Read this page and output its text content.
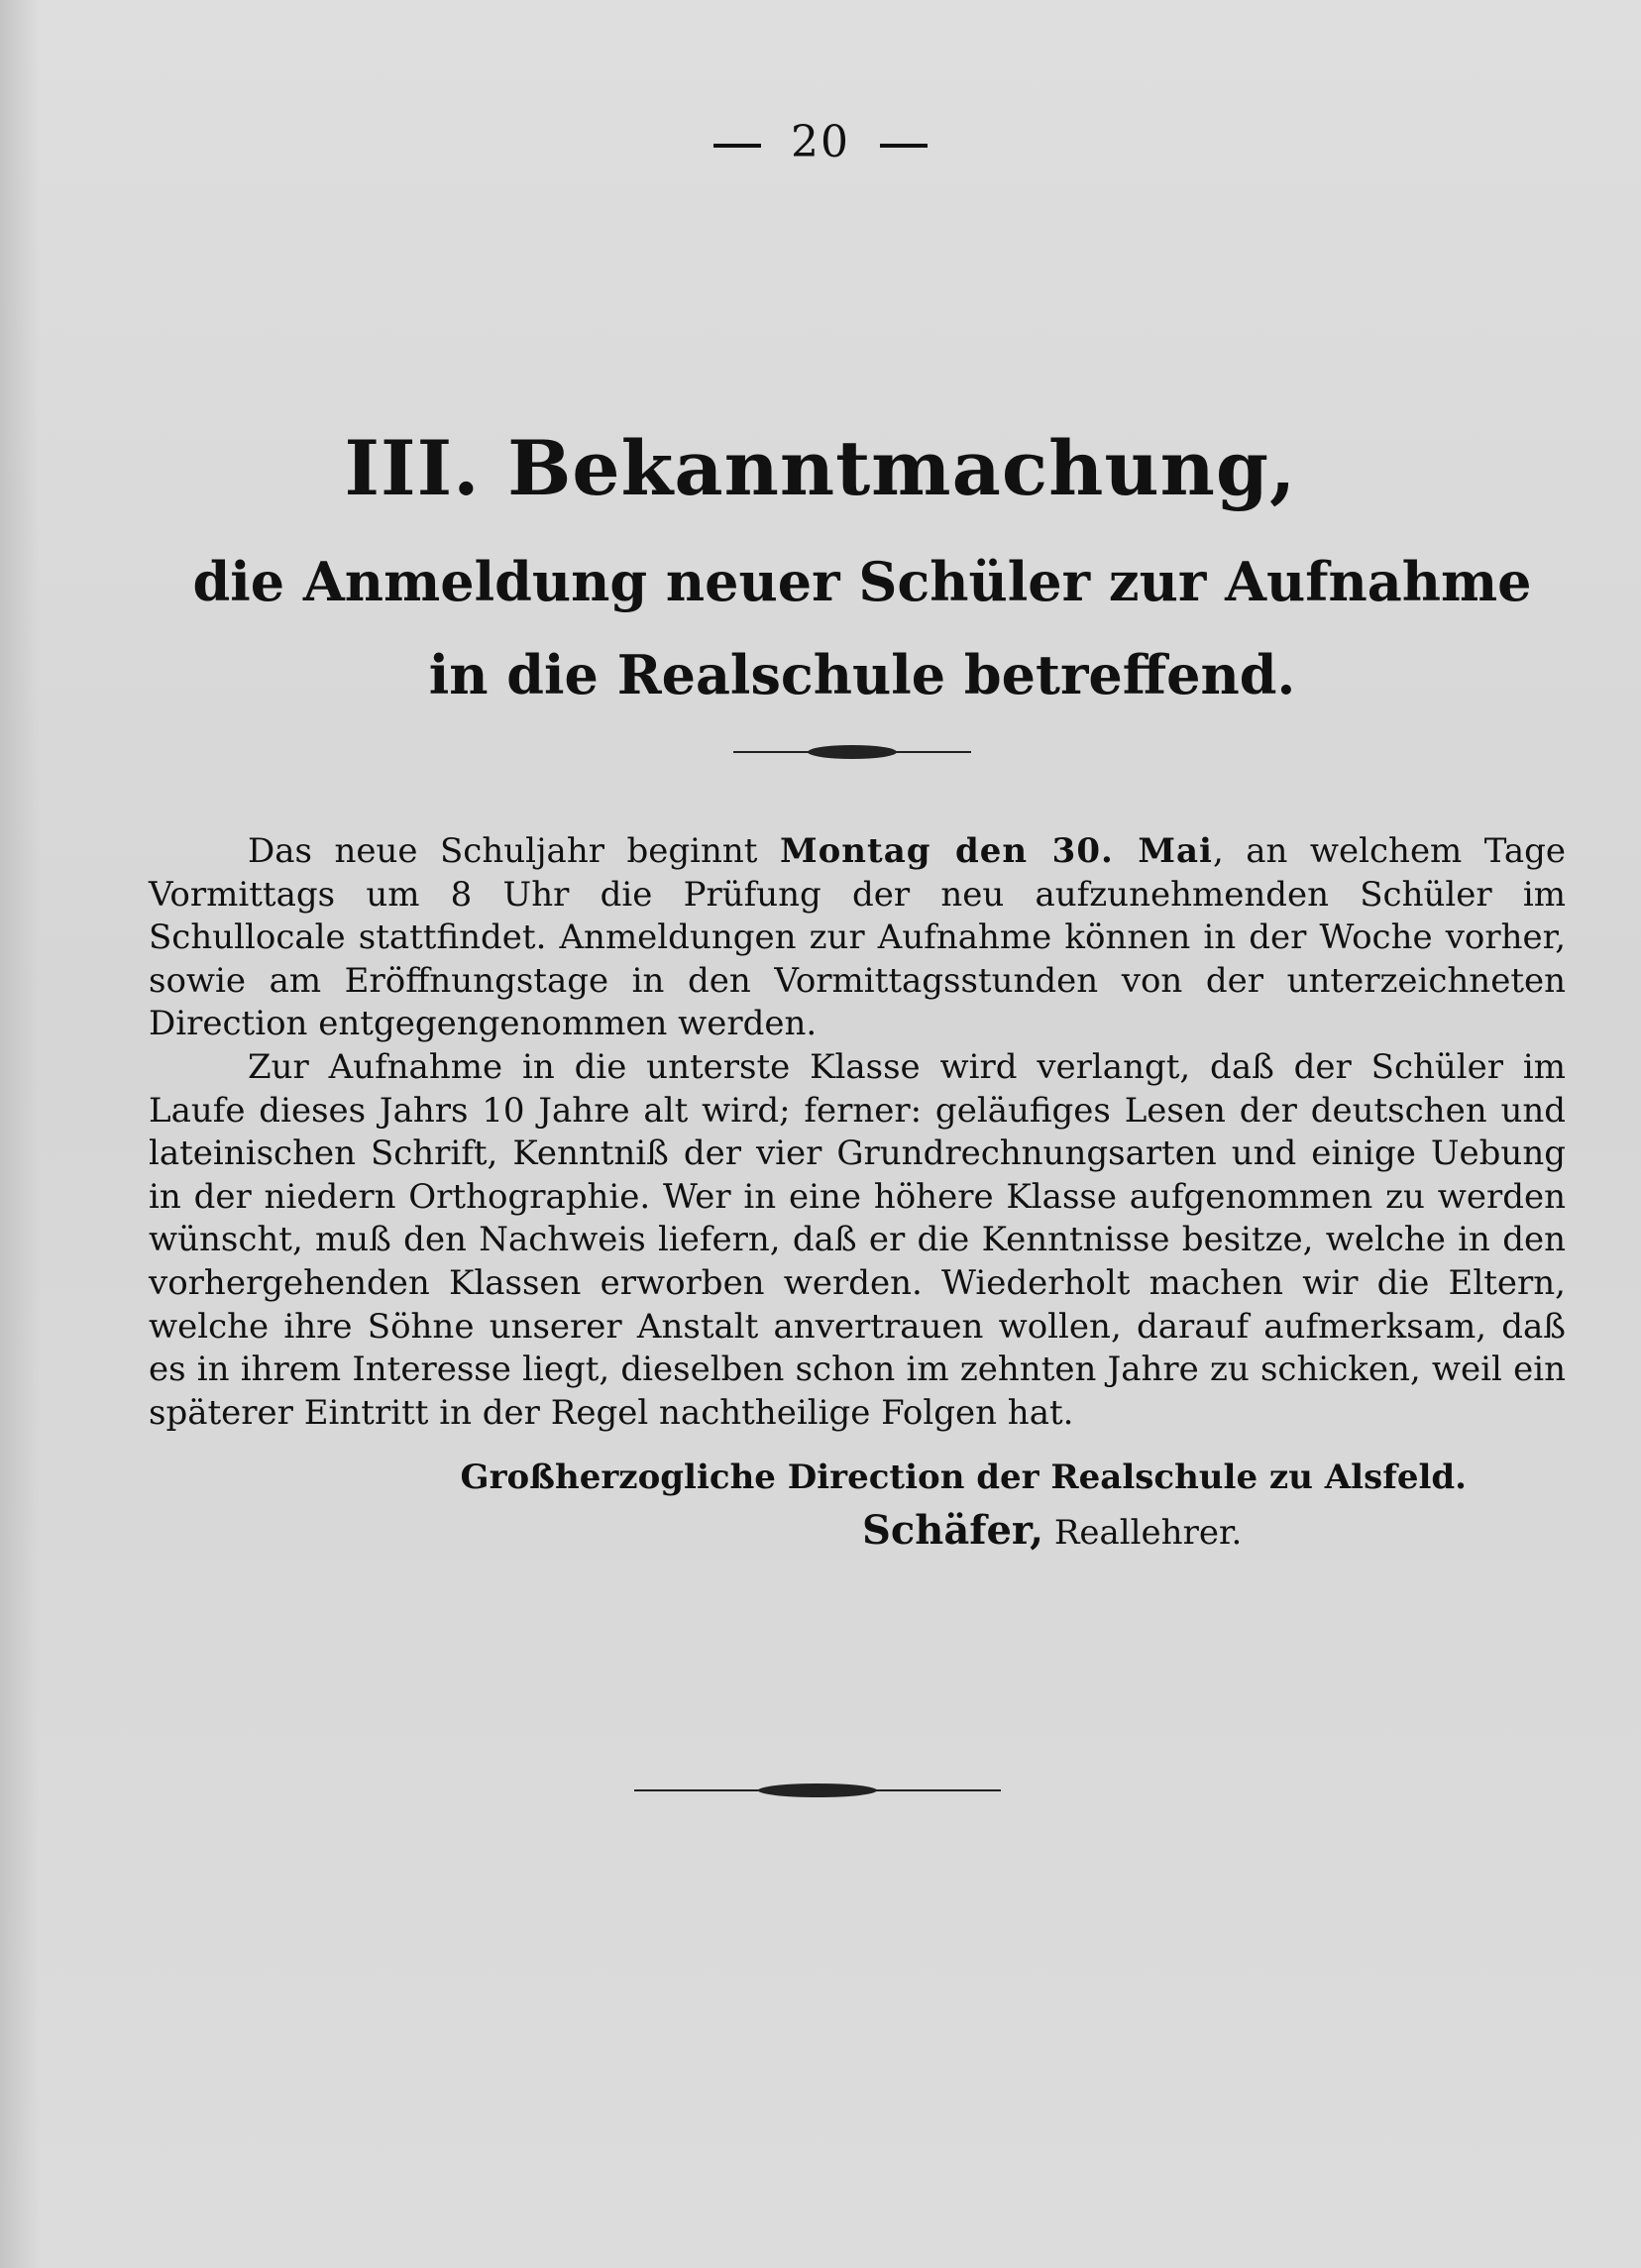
20
III. Bekanntmachung,
die Anmeldung neuer Schüler zur Aufnahme in die Realschule betreffend.

Das neue Schuljahr beginnt Montag den 30. Mai, an welchem Tage Vormittags um 8 Uhr die Prüfung der neu aufzunehmenden Schüler im Schullocale stattfindet. Anmeldungen zur Aufnahme können in der Woche vorher, sowie am Eröffnungstage in den Vormittagsstunden von der unterzeichneten Direction entgegengenommen werden.

Zur Aufnahme in die unterste Klasse wird verlangt, daß der Schüler im Laufe dieses Jahrs 10 Jahre alt wird; ferner: geläufiges Lesen der deutschen und lateinischen Schrift, Kenntniß der vier Grundrechnungsarten und einige Uebung in der niedern Orthographie. Wer in eine höhere Klasse aufgenommen zu werden wünscht, muß den Nachweis liefern, daß er die Kenntnisse besitze, welche in den vorhergehenden Klassen erworben werden. Wiederholt machen wir die Eltern, welche ihre Söhne unserer Anstalt anvertrauen wollen, darauf aufmerksam, daß es in ihrem Interesse liegt, dieselben schon im zehnten Jahre zu schicken, weil ein späterer Eintritt in der Regel nachtheilige Folgen hat.

Großherzogliche Direction der Realschule zu Alsfeld.
Schäfer, Reallehrer.
